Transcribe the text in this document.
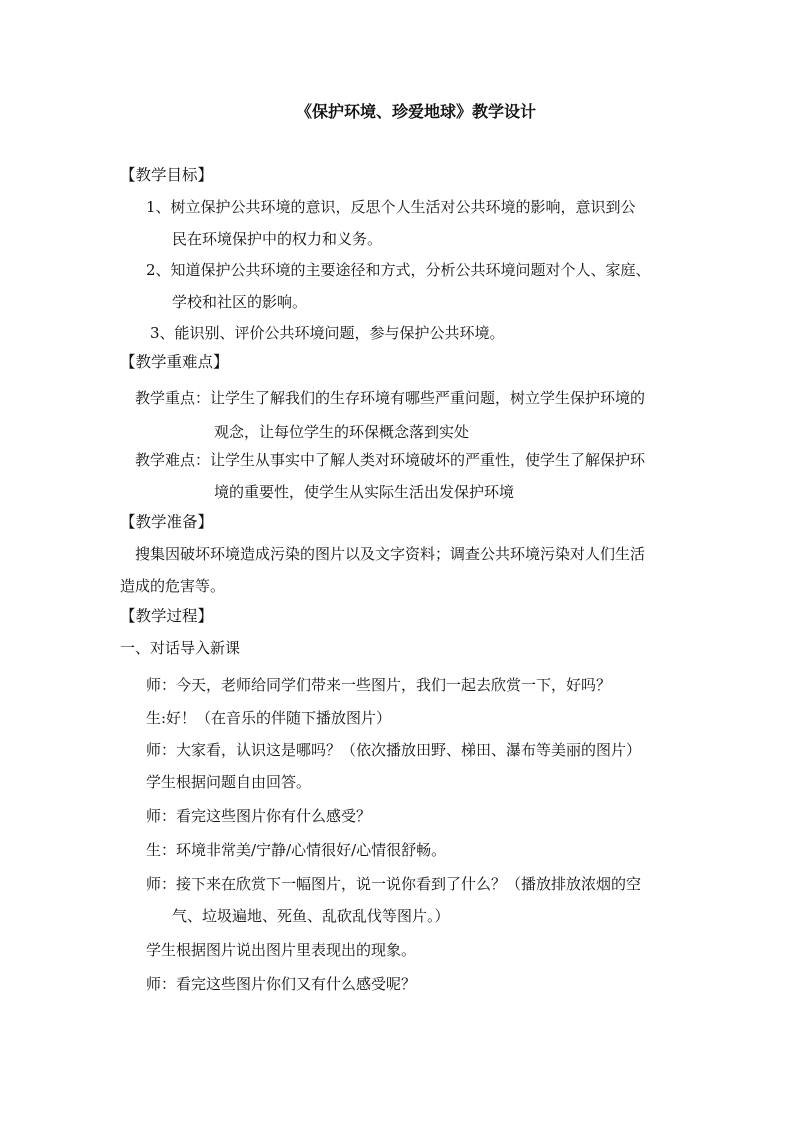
《保护环境、珍爱地球》教学设计
【教学目标】
1、树立保护公共环境的意识，反思个人生活对公共环境的影响，意识到公
民在环境保护中的权力和义务。
2、知道保护公共环境的主要途径和方式，分析公共环境问题对个人、家庭、
学校和社区的影响。
3、能识别、评价公共环境问题，参与保护公共环境。
【教学重难点】
教学重点：让学生了解我们的生存环境有哪些严重问题，树立学生保护环境的
观念，让每位学生的环保概念落到实处
教学难点：让学生从事实中了解人类对环境破坏的严重性，使学生了解保护环
境的重要性，使学生从实际生活出发保护环境
【教学准备】
搜集因破坏环境造成污染的图片以及文字资料；调查公共环境污染对人们生活
造成的危害等。
【教学过程】
一、对话导入新课
师：今天，老师给同学们带来一些图片，我们一起去欣赏一下，好吗？
生:好！（在音乐的伴随下播放图片）
师：大家看，认识这是哪吗？（依次播放田野、梯田、瀑布等美丽的图片）
学生根据问题自由回答。
师：看完这些图片你有什么感受？
生：环境非常美/宁静/心情很好/心情很舒畅。
师：接下来在欣赏下一幅图片，说一说你看到了什么？（播放排放浓烟的空
气、垃圾遍地、死鱼、乱砍乱伐等图片。）
学生根据图片说出图片里表现出的现象。
师：看完这些图片你们又有什么感受呢？
